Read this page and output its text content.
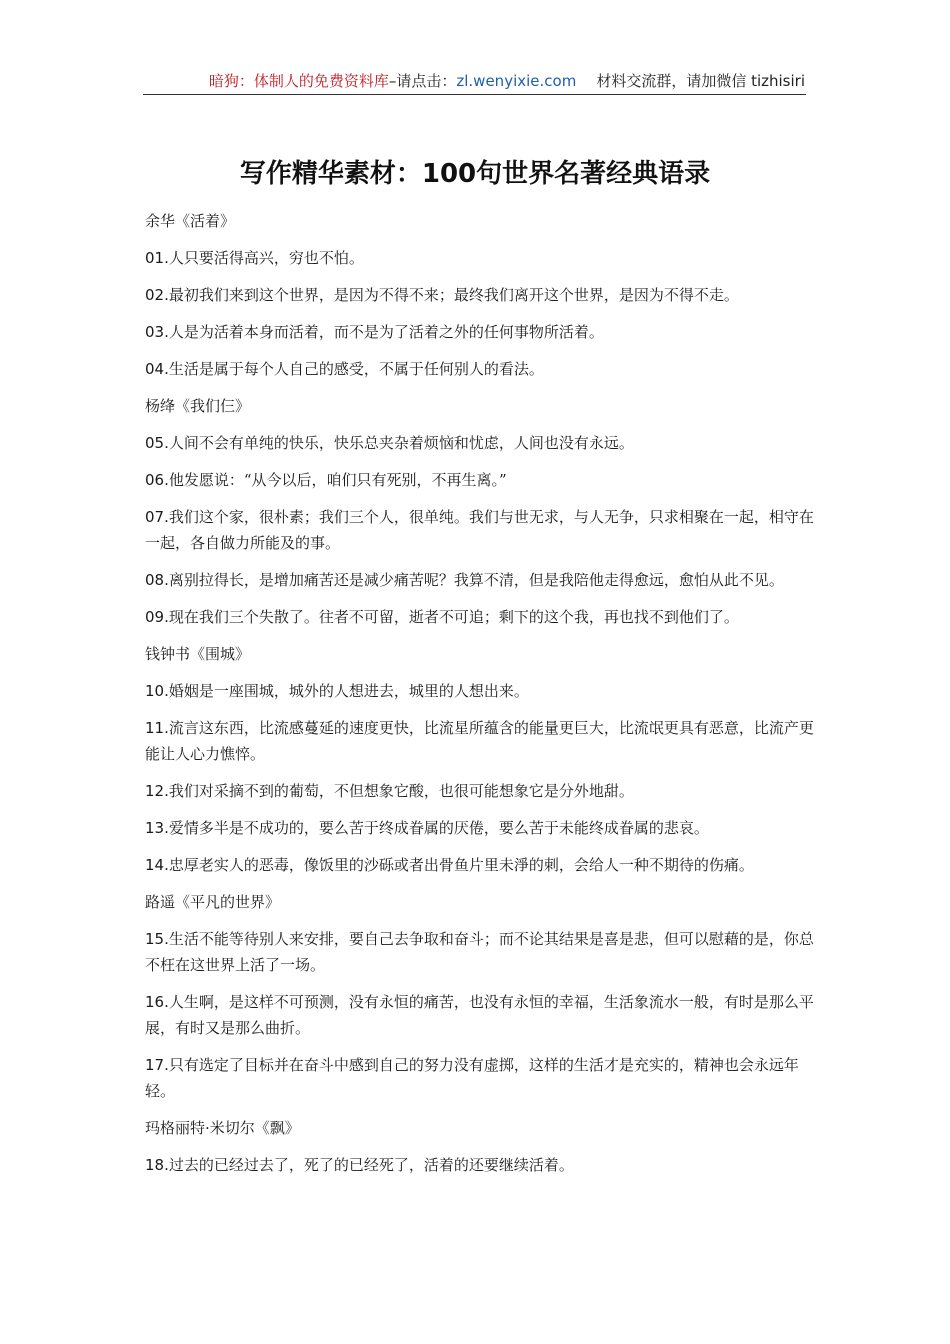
暗狗：体制人的免费资料库–请点击：zl.wenyixie.com 材料交流群，请加微信 tizhisiri
写作精华素材：100句世界名著经典语录
余华《活着》
01.人只要活得高兴，穷也不怕。
02.最初我们来到这个世界，是因为不得不来；最终我们离开这个世界，是因为不得不走。
03.人是为活着本身而活着，而不是为了活着之外的任何事物所活着。
04.生活是属于每个人自己的感受，不属于任何别人的看法。
杨绛《我们仨》
05.人间不会有单纯的快乐，快乐总夹杂着烦恼和忧虑，人间也没有永远。
06.他发愿说：“从今以后，咱们只有死别，不再生离。”
07.我们这个家，很朴素；我们三个人，很单纯。我们与世无求，与人无争，只求相聚在一起，相守在一起，各自做力所能及的事。
08.离别拉得长，是增加痛苦还是减少痛苦呢？我算不清，但是我陪他走得愈远，愈怕从此不见。
09.现在我们三个失散了。往者不可留，逝者不可追；剩下的这个我，再也找不到他们了。
钱钟书《围城》
10.婚姻是一座围城，城外的人想进去，城里的人想出来。
11.流言这东西，比流感蔓延的速度更快，比流星所蕴含的能量更巨大，比流氓更具有恶意，比流产更能让人心力憔悴。
12.我们对采摘不到的葡萄，不但想象它酸，也很可能想象它是分外地甜。
13.爱情多半是不成功的，要么苦于终成眷属的厌倦，要么苦于未能终成眷属的悲哀。
14.忠厚老实人的恶毒，像饭里的沙砾或者出骨鱼片里未淨的刺，会给人一种不期待的伤痛。
路遥《平凡的世界》
15.生活不能等待别人来安排，要自己去争取和奋斗；而不论其结果是喜是悲，但可以慰藉的是，你总不枉在这世界上活了一场。
16.人生啊，是这样不可预测，没有永恒的痛苦，也没有永恒的幸福，生活象流水一般，有时是那么平展，有时又是那么曲折。
17.只有选定了目标并在奋斗中感到自己的努力没有虚掷，这样的生活才是充实的，精神也会永远年轻。
玛格丽特·米切尔《飘》
18.过去的已经过去了，死了的已经死了，活着的还要继续活着。
